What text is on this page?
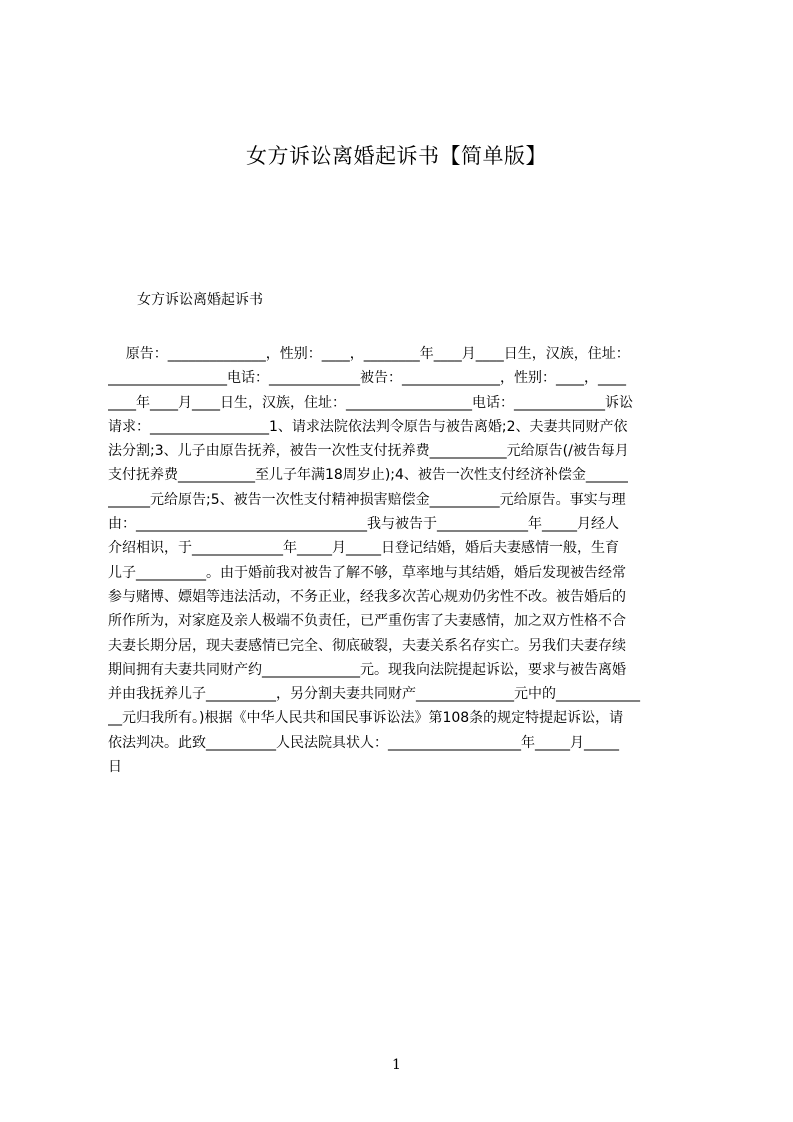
女方诉讼离婚起诉书【简单版】
女方诉讼离婚起诉书
原告：______________，性别：____，________年____月____日生，汉族，住址：
_________________电话：_____________被告：______________，性别：____，____
____年____月____日生，汉族，住址：__________________电话：_____________诉讼
请求：_________________1、请求法院依法判令原告与被告离婚;2、夫妻共同财产依
法分割;3、儿子由原告抚养，被告一次性支付抚养费___________元给原告(/被告每月
支付抚养费___________至儿子年满18周岁止);4、被告一次性支付经济补偿金______
______元给原告;5、被告一次性支付精神损害赔偿金__________元给原告。事实与理
由：_________________________________我与被告于_____________年_____月经人
介绍相识，于_____________年_____月_____日登记结婚，婚后夫妻感情一般，生育
儿子__________。由于婚前我对被告了解不够，草率地与其结婚，婚后发现被告经常
参与赌博、嫖娼等违法活动，不务正业，经我多次苦心规劝仍劣性不改。被告婚后的
所作所为，对家庭及亲人极端不负责任，已严重伤害了夫妻感情，加之双方性格不合
夫妻长期分居，现夫妻感情已完全、彻底破裂，夫妻关系名存实亡。另我们夫妻存续
期间拥有夫妻共同财产约______________元。现我向法院提起诉讼，要求与被告离婚
并由我抚养儿子__________，另分割夫妻共同财产______________元中的____________
__元归我所有。)根据《中华人民共和国民事诉讼法》第108条的规定特提起诉讼，请
依法判决。此致__________人民法院具状人：___________________年_____月_____
日
1
